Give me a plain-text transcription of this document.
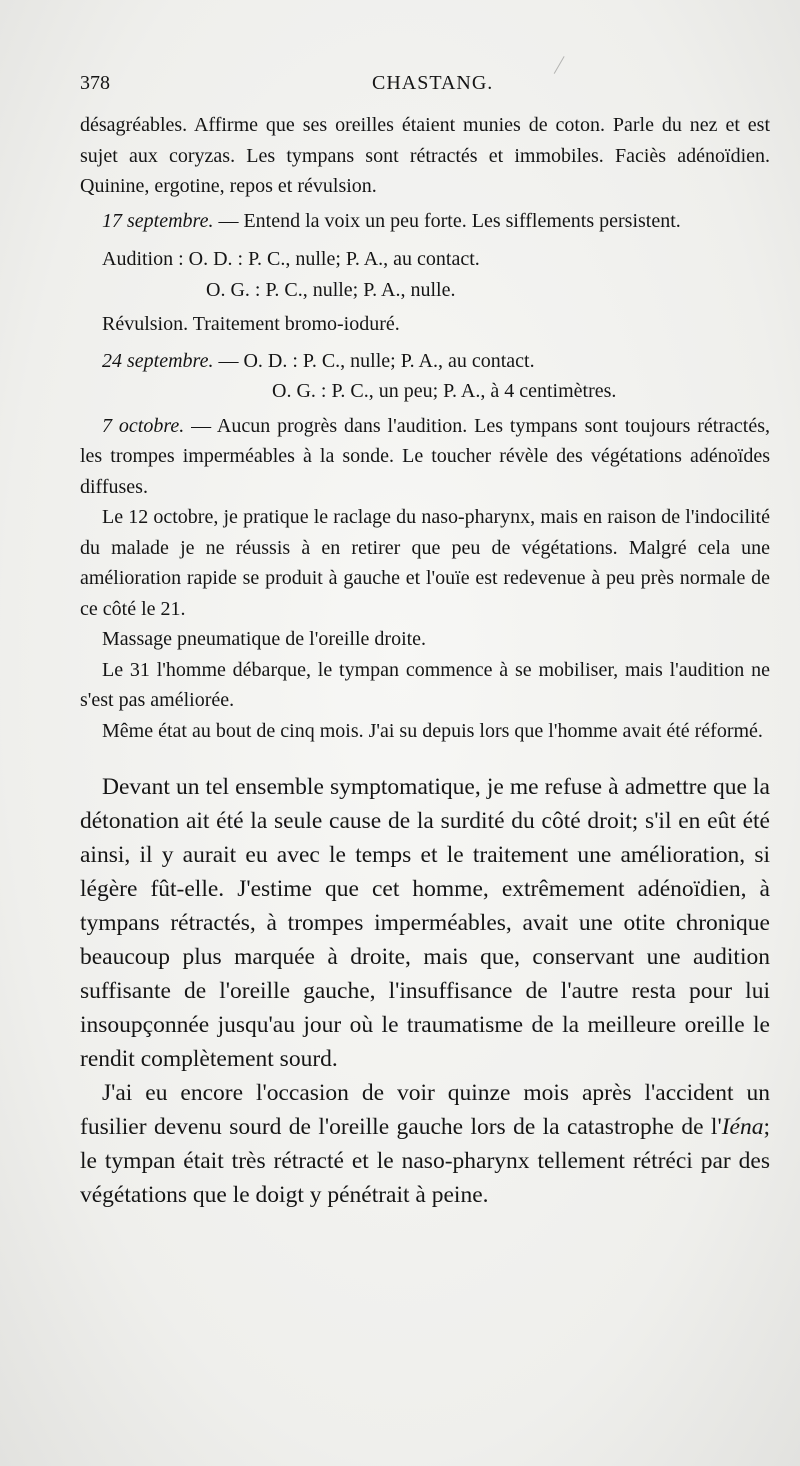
378	CHASTANG.

désagréables. Affirme que ses oreilles étaient munies de coton. Parle du nez et est sujet aux coryzas. Les tympans sont rétractés et immobiles. Faciès adénoïdien. Quinine, ergotine, repos et révulsion.

17 septembre. — Entend la voix un peu forte. Les sifflements persistent.

Audition : O. D. : P. C., nulle; P. A., au contact.

O. G. : P. C., nulle; P. A., nulle.

Révulsion. Traitement bromo-ioduré.

24 septembre. — O. D. : P. C., nulle; P. A., au contact.

O. G. : P. C., un peu; P. A., à 4 centimètres.

7 octobre. — Aucun progrès dans l'audition. Les tympans sont toujours rétractés, les trompes imperméables à la sonde. Le toucher révèle des végétations adénoïdes diffuses.

Le 12 octobre, je pratique le raclage du naso-pharynx, mais en raison de l'indocilité du malade je ne réussis à en retirer que peu de végétations. Malgré cela une amélioration rapide se produit à gauche et l'ouïe est redevenue à peu près normale de ce côté le 21.

Massage pneumatique de l'oreille droite.

Le 31 l'homme débarque, le tympan commence à se mobiliser, mais l'audition ne s'est pas améliorée.

Même état au bout de cinq mois. J'ai su depuis lors que l'homme avait été réformé.

Devant un tel ensemble symptomatique, je me refuse à admettre que la détonation ait été la seule cause de la surdité du côté droit; s'il en eût été ainsi, il y aurait eu avec le temps et le traitement une amélioration, si légère fût-elle. J'estime que cet homme, extrêmement adénoïdien, à tympans rétractés, à trompes imperméables, avait une otite chronique beaucoup plus marquée à droite, mais que, conservant une audition suffisante de l'oreille gauche, l'insuffisance de l'autre resta pour lui insoupçonnée jusqu'au jour où le traumatisme de la meilleure oreille le rendit complètement sourd.

J'ai eu encore l'occasion de voir quinze mois après l'accident un fusilier devenu sourd de l'oreille gauche lors de la catastrophe de l'Iéna; le tympan était très rétracté et le naso-pharynx tellement rétréci par des végétations que le doigt y pénétrait à peine.
